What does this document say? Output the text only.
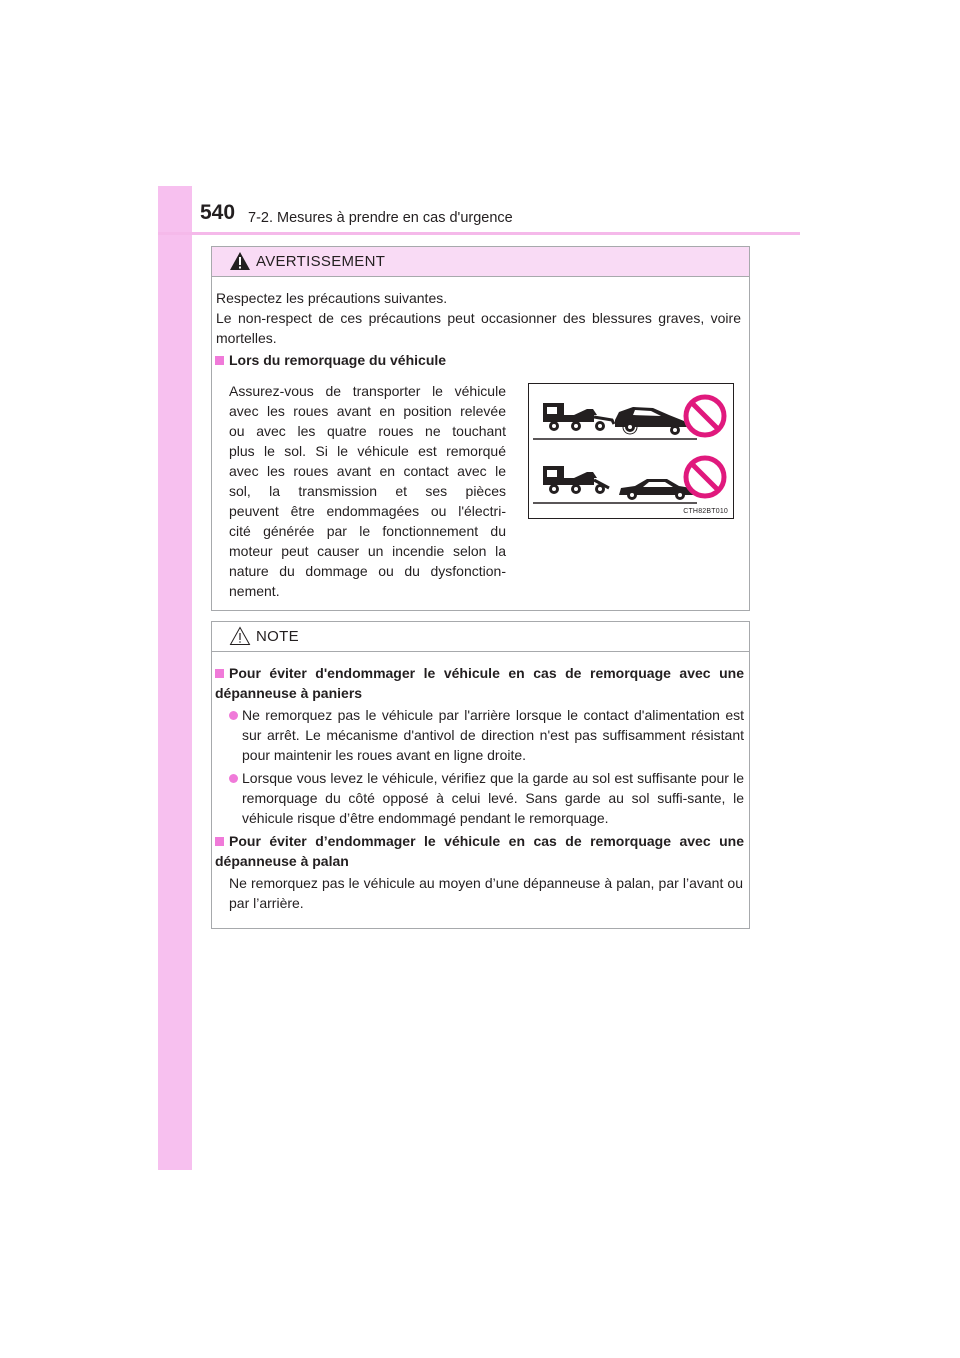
540 7-2. Mesures à prendre en cas d'urgence
AVERTISSEMENT
Respectez les précautions suivantes.
Le non-respect de ces précautions peut occasionner des blessures graves, voire mortelles.
Lors du remorquage du véhicule
Assurez-vous de transporter le véhicule
avec les roues avant en position relevée
ou avec les quatre roues ne touchant
plus le sol. Si le véhicule est remorqué
avec les roues avant en contact avec le
sol, la transmission et ses pièces
peuvent être endommagées ou l'électri-
cité générée par le fonctionnement du
moteur peut causer un incendie selon la
nature du dommage ou du dysfonction-
nement.
CTH82BT010
NOTE
Pour éviter d'endommager le véhicule en cas de remorquage avec une dépanneuse à paniers
Ne remorquez pas le véhicule par l'arrière lorsque le contact d'alimentation est sur arrêt. Le mécanisme d'antivol de direction n'est pas suffisamment résistant pour maintenir les roues avant en ligne droite.
Lorsque vous levez le véhicule, vérifiez que la garde au sol est suffisante pour le remorquage du côté opposé à celui levé. Sans garde au sol suffi-sante, le véhicule risque d’être endommagé pendant le remorquage.
Pour éviter d’endommager le véhicule en cas de remorquage avec une dépanneuse à palan
Ne remorquez pas le véhicule au moyen d’une dépanneuse à palan, par l’avant ou par l’arrière.
